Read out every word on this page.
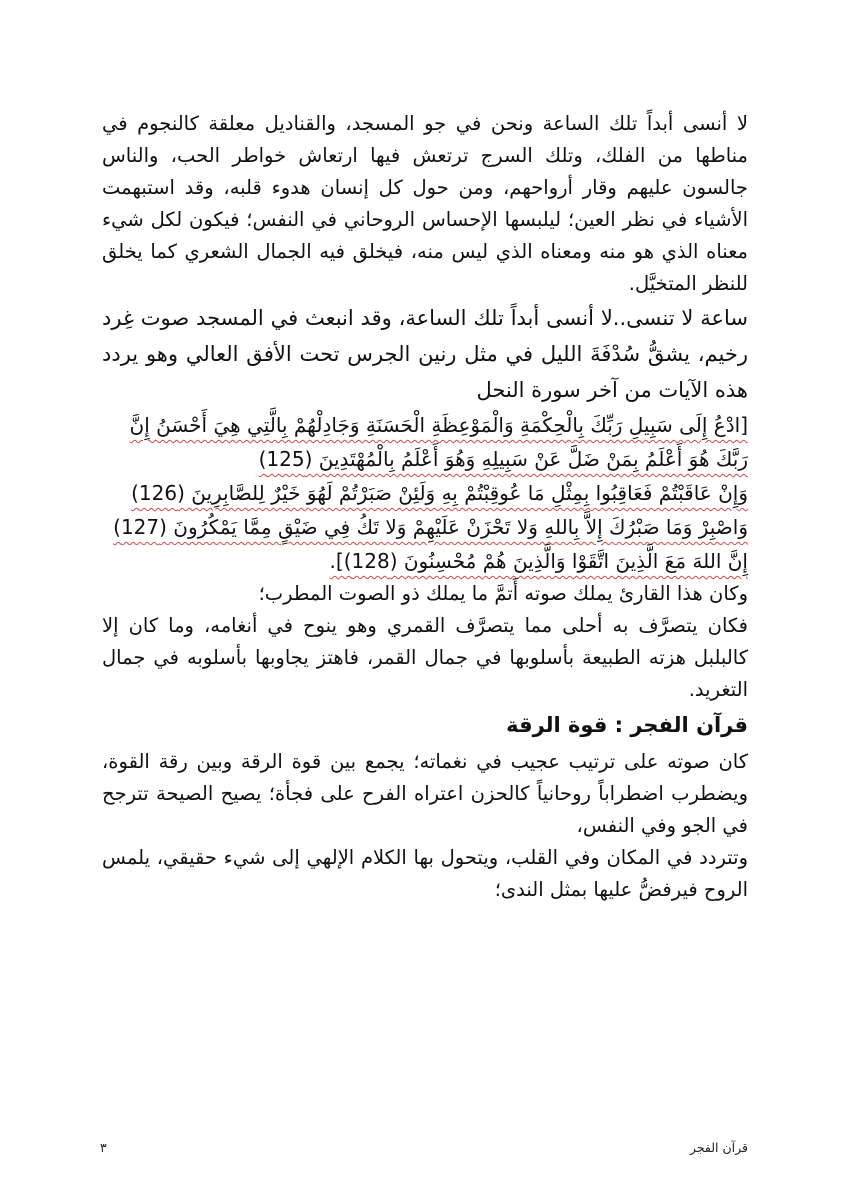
لا أنسى أبداً تلك الساعة ونحن في جو المسجد، والقناديل معلقة كالنجوم في مناطها من الفلك، وتلك السرج ترتعش فيها ارتعاش خواطر الحب، والناس جالسون عليهم وقار أرواحهم، ومن حول كل إنسان هدوء قلبه، وقد استبهمت الأشياء في نظر العين؛ ليلبسها الإحساس الروحاني في النفس؛ فيكون لكل شيء معناه الذي هو منه ومعناه الذي ليس منه، فيخلق فيه الجمال الشعري كما يخلق للنظر المتخيَّل.

ساعة لا تنسى..لا أنسى أبداً تلك الساعة، وقد انبعث في المسجد صوت غِرد رخيم، يشقُّ سُدْفَةَ الليل في مثل رنين الجرس تحت الأفق العالي وهو يردد هذه الآيات من آخر سورة النحل

[ادْعُ إِلَى سَبِيلِ رَبِّكَ بِالْحِكْمَةِ وَالْمَوْعِظَةِ الْحَسَنَةِ وَجَادِلْهُمْ بِالَّتِي هِيَ أَحْسَنُ إِنَّ رَبَّكَ هُوَ أَعْلَمُ بِمَنْ ضَلَّ عَنْ سَبِيلِهِ وَهُوَ أَعْلَمُ بِالْمُهْتَدِينَ (125)

وَإِنْ عَاقَبْتُمْ فَعَاقِبُوا بِمِثْلِ مَا عُوقِبْتُمْ بِهِ وَلَئِنْ صَبَرْتُمْ لَهُوَ خَيْرٌ لِلصَّابِرِينَ (126)

وَاصْبِرْ وَمَا صَبْرُكَ إِلاَّ بِاللهِ وَلا تَحْزَنْ عَلَيْهِمْ وَلا تَكُ فِي ضَيْقٍ مِمَّا يَمْكُرُونَ (127)

إِنَّ اللهَ مَعَ الَّذِينَ اتَّقَوْا وَالَّذِينَ هُمْ مُحْسِنُونَ (128)].

وكان هذا القارئ يملك صوته أَتمَّ ما يملك ذو الصوت المطرب؛

فكان يتصرَّف به أحلى مما يتصرَّف القمري وهو ينوح في أنغامه، وما كان إلا كالبلبل هزته الطبيعة بأسلوبها في جمال القمر، فاهتز يجاوبها بأسلوبه في جمال التغريد.

قرآن الفجر : قوة الرقة

كان صوته على ترتيب عجيب في نغماته؛ يجمع بين قوة الرقة وبين رقة القوة، ويضطرب اضطراباً روحانياً كالحزن اعتراه الفرح على فجأة؛ يصيح الصيحة تترجح في الجو وفي النفس،

وتتردد في المكان وفي القلب، ويتحول بها الكلام الإلهي إلى شيء حقيقي، يلمس الروح فيرفضُّ عليها بمثل الندى؛

قرآن الفجر
٣
